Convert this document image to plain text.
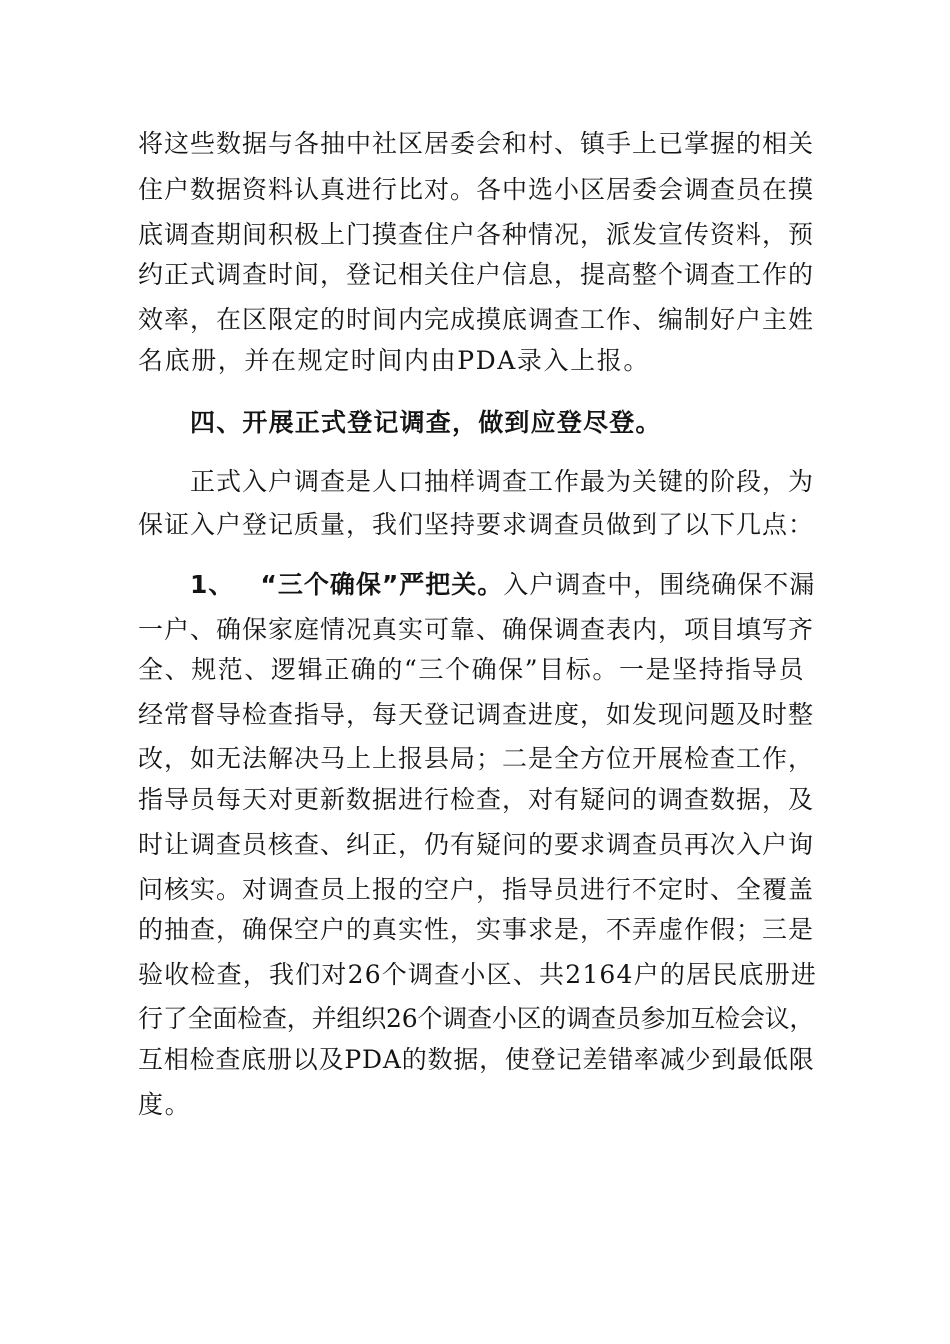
将这些数据与各抽中社区居委会和村、镇手上已掌握的相关

住户数据资料认真进行比对。各中选小区居委会调查员在摸

底调查期间积极上门摸查住户各种情况，派发宣传资料，预

约正式调查时间，登记相关住户信息，提高整个调查工作的

效率，在区限定的时间内完成摸底调查工作、编制好户主姓

名底册，并在规定时间内由PDA录入上报。

四、开展正式登记调查，做到应登尽登。

正式入户调查是人口抽样调查工作最为关键的阶段，为

保证入户登记质量，我们坚持要求调查员做到了以下几点：

1、 “三个确保”严把关。入户调查中，围绕确保不漏

一户、确保家庭情况真实可靠、确保调查表内，项目填写齐

全、规范、逻辑正确的“三个确保”目标。一是坚持指导员

经常督导检查指导，每天登记调查进度，如发现问题及时整

改，如无法解决马上上报县局；二是全方位开展检查工作，

指导员每天对更新数据进行检查，对有疑问的调查数据，及

时让调查员核查、纠正，仍有疑问的要求调查员再次入户询

问核实。对调查员上报的空户，指导员进行不定时、全覆盖

的抽查，确保空户的真实性，实事求是，不弄虚作假；三是

验收检查，我们对26个调查小区、共2164户的居民底册进

行了全面检查，并组织26个调查小区的调查员参加互检会议，

互相检查底册以及PDA的数据，使登记差错率减少到最低限

度。
